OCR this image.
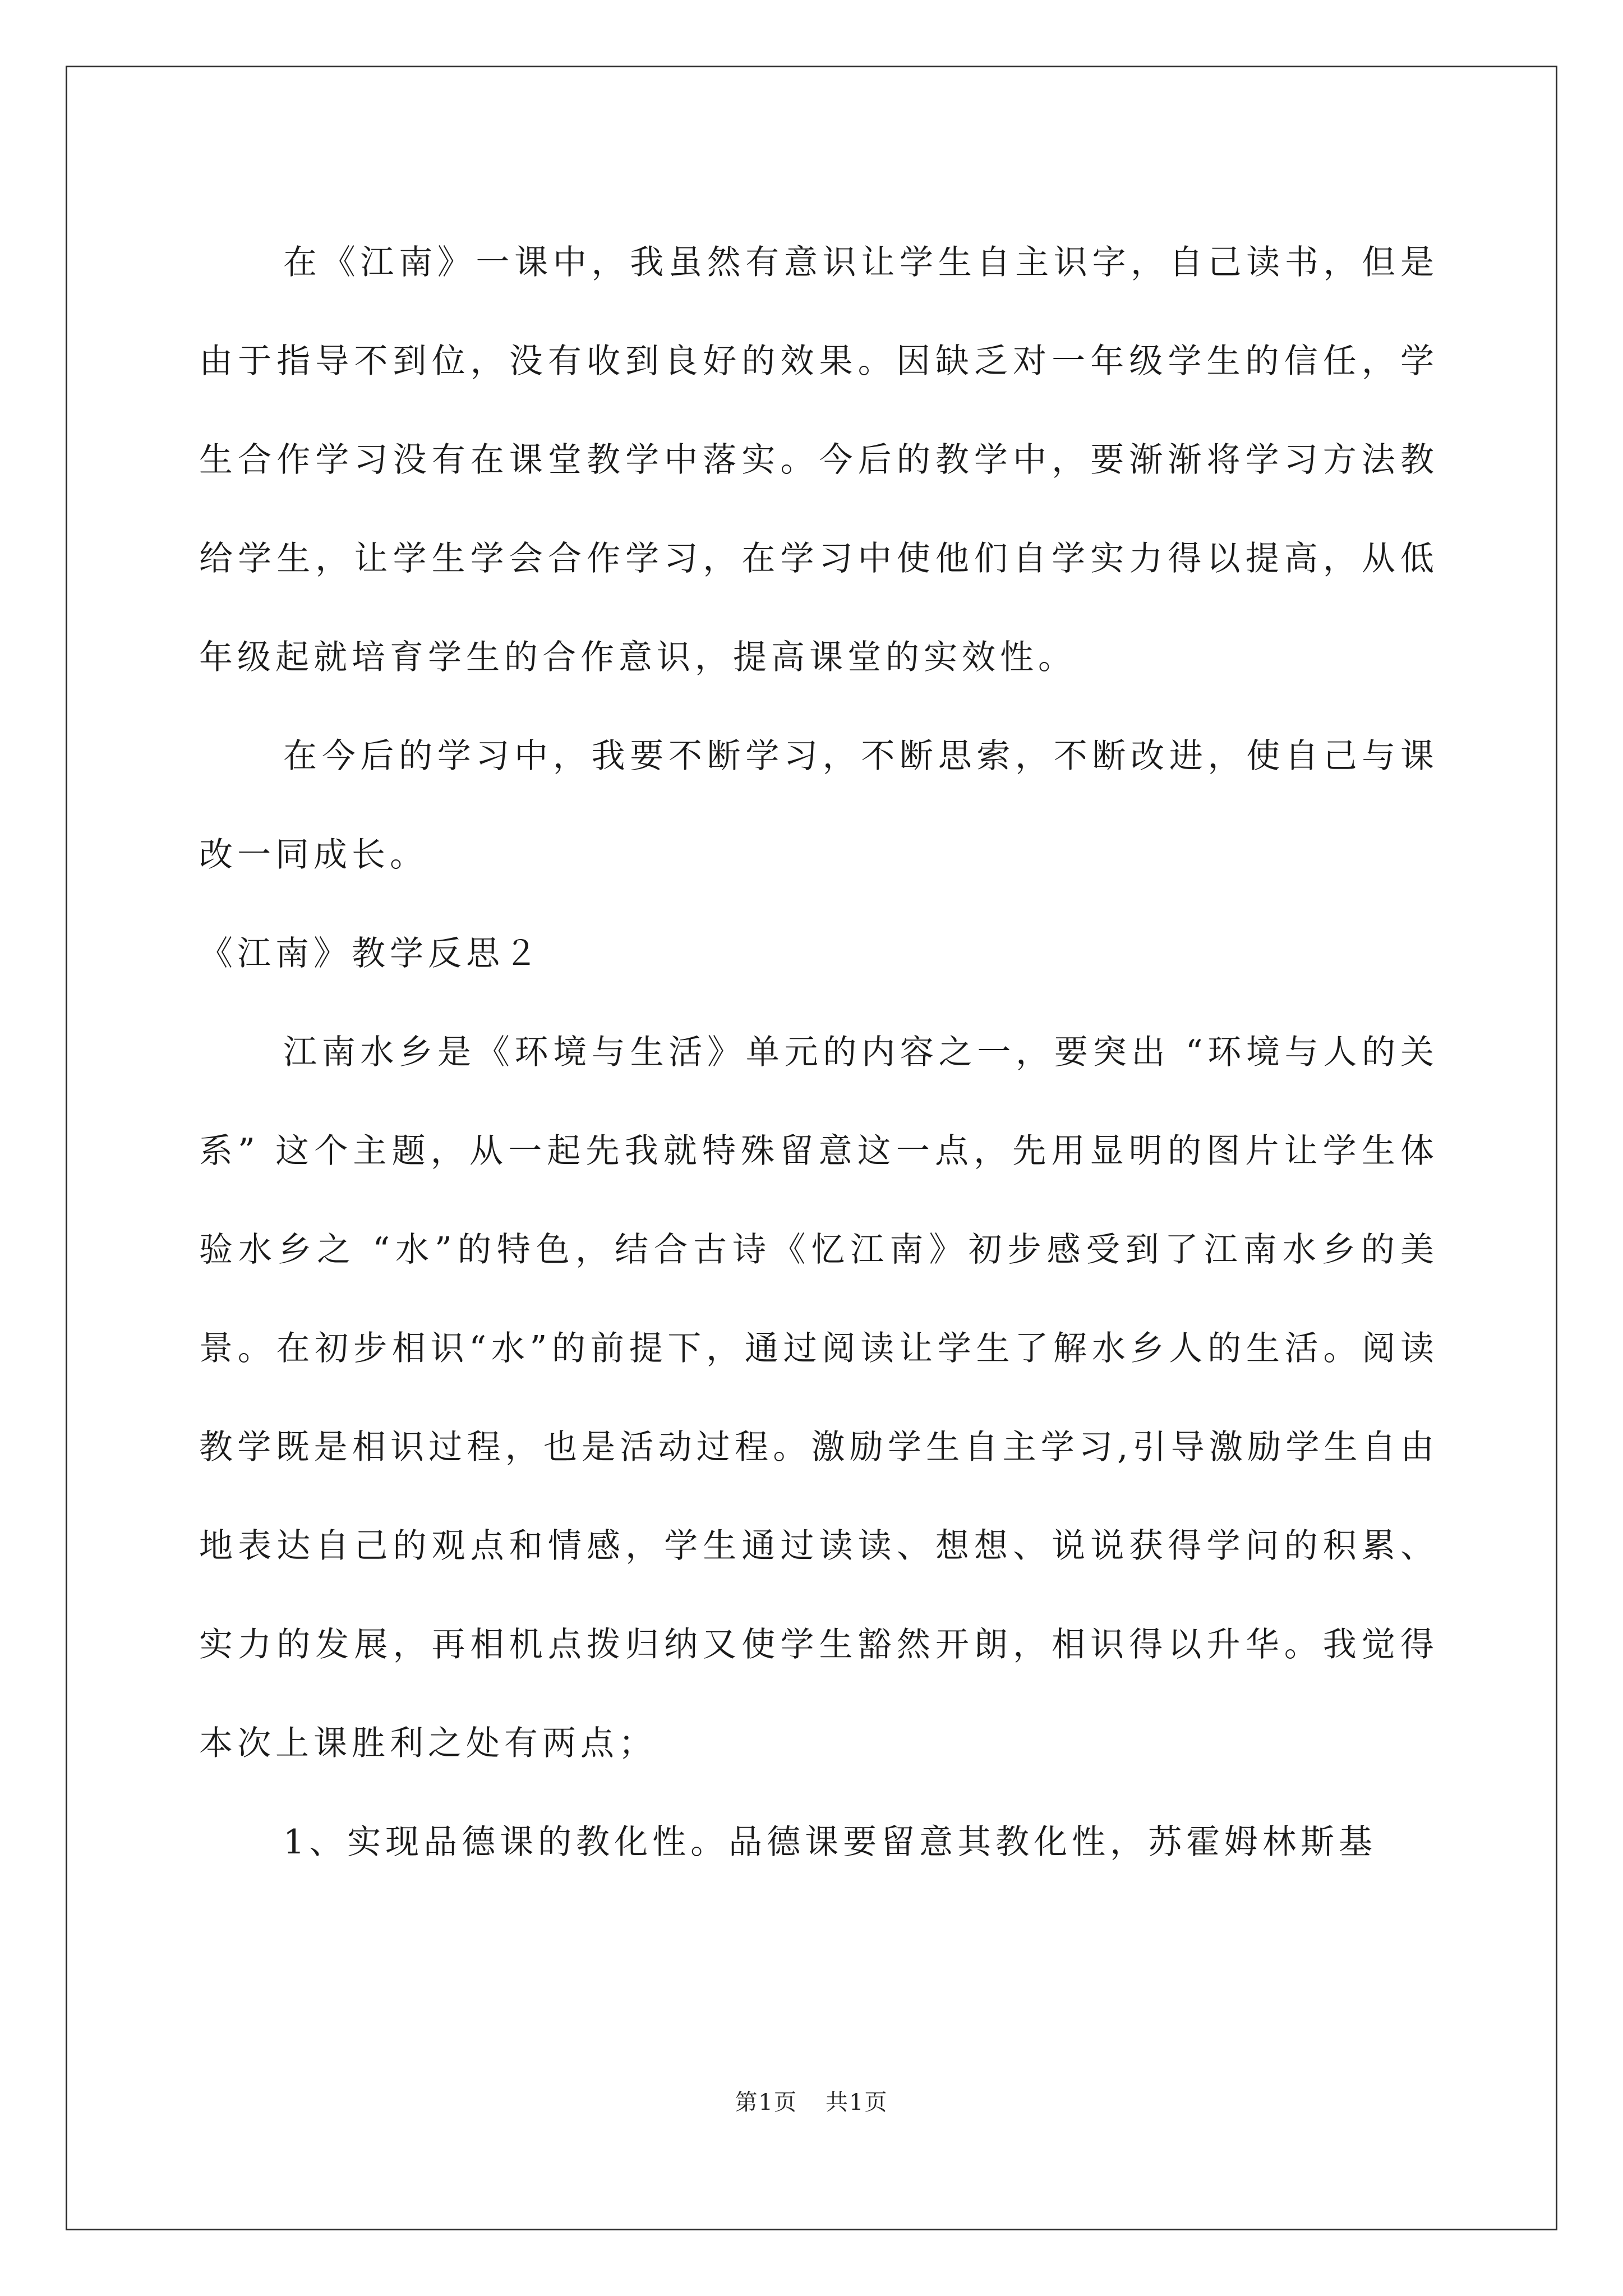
在《江南》一课中，我虽然有意识让学生自主识字，自己读书，但是由于指导不到位，没有收到良好的效果。因缺乏对一年级学生的信任，学生合作学习没有在课堂教学中落实。今后的教学中，要渐渐将学习方法教给学生，让学生学会合作学习，在学习中使他们自学实力得以提高，从低年级起就培育学生的合作意识，提高课堂的实效性。

在今后的学习中，我要不断学习，不断思索，不断改进，使自己与课改一同成长。

《江南》教学反思２

江南水乡是《环境与生活》单元的内容之一，要突出 “环境与人的关系” 这个主题，从一起先我就特殊留意这一点，先用显明的图片让学生体验水乡之 “水”的特色，结合古诗《忆江南》初步感受到了江南水乡的美景。在初步相识“水”的前提下，通过阅读让学生了解水乡人的生活。阅读教学既是相识过程，也是活动过程。激励学生自主学习,引导激励学生自由地表达自己的观点和情感，学生通过读读、想想、说说获得学问的积累、实力的发展，再相机点拨归纳又使学生豁然开朗，相识得以升华。我觉得本次上课胜利之处有两点；

1、实现品德课的教化性。品德课要留意其教化性，苏霍姆林斯基

第1页 共1页
